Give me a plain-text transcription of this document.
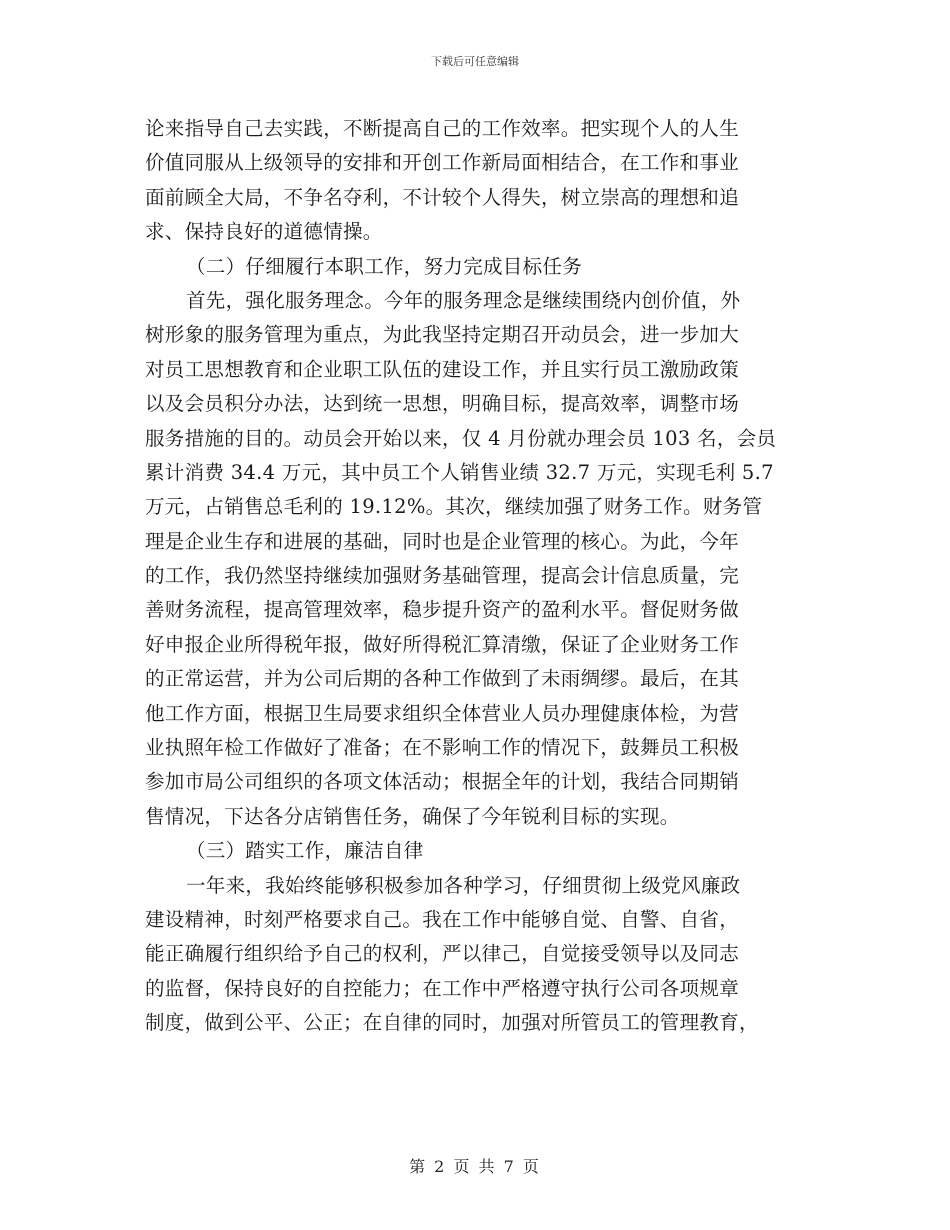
下载后可任意编辑
论来指导自己去实践，不断提高自己的工作效率。把实现个人的人生
价值同服从上级领导的安排和开创工作新局面相结合，在工作和事业
面前顾全大局，不争名夺利，不计较个人得失，树立崇高的理想和追
求、保持良好的道德情操。
（二）仔细履行本职工作，努力完成目标任务
首先，强化服务理念。今年的服务理念是继续围绕内创价值，外
树形象的服务管理为重点，为此我坚持定期召开动员会，进一步加大
对员工思想教育和企业职工队伍的建设工作，并且实行员工激励政策
以及会员积分办法，达到统一思想，明确目标，提高效率，调整市场
服务措施的目的。动员会开始以来，仅 4 月份就办理会员 103 名，会员
累计消费 34.4 万元，其中员工个人销售业绩 32.7 万元，实现毛利 5.7
万元，占销售总毛利的 19.12%。其次，继续加强了财务工作。财务管
理是企业生存和进展的基础，同时也是企业管理的核心。为此，今年
的工作，我仍然坚持继续加强财务基础管理，提高会计信息质量，完
善财务流程，提高管理效率，稳步提升资产的盈利水平。督促财务做
好申报企业所得税年报，做好所得税汇算清缴，保证了企业财务工作
的正常运营，并为公司后期的各种工作做到了未雨绸缪。最后，在其
他工作方面，根据卫生局要求组织全体营业人员办理健康体检，为营
业执照年检工作做好了准备；在不影响工作的情况下，鼓舞员工积极
参加市局公司组织的各项文体活动；根据全年的计划，我结合同期销
售情况，下达各分店销售任务，确保了今年锐利目标的实现。
（三）踏实工作，廉洁自律
一年来，我始终能够积极参加各种学习，仔细贯彻上级党风廉政
建设精神，时刻严格要求自己。我在工作中能够自觉、自警、自省，
能正确履行组织给予自己的权利，严以律己，自觉接受领导以及同志
的监督，保持良好的自控能力；在工作中严格遵守执行公司各项规章
制度，做到公平、公正；在自律的同时，加强对所管员工的管理教育，
第 2 页 共 7 页
